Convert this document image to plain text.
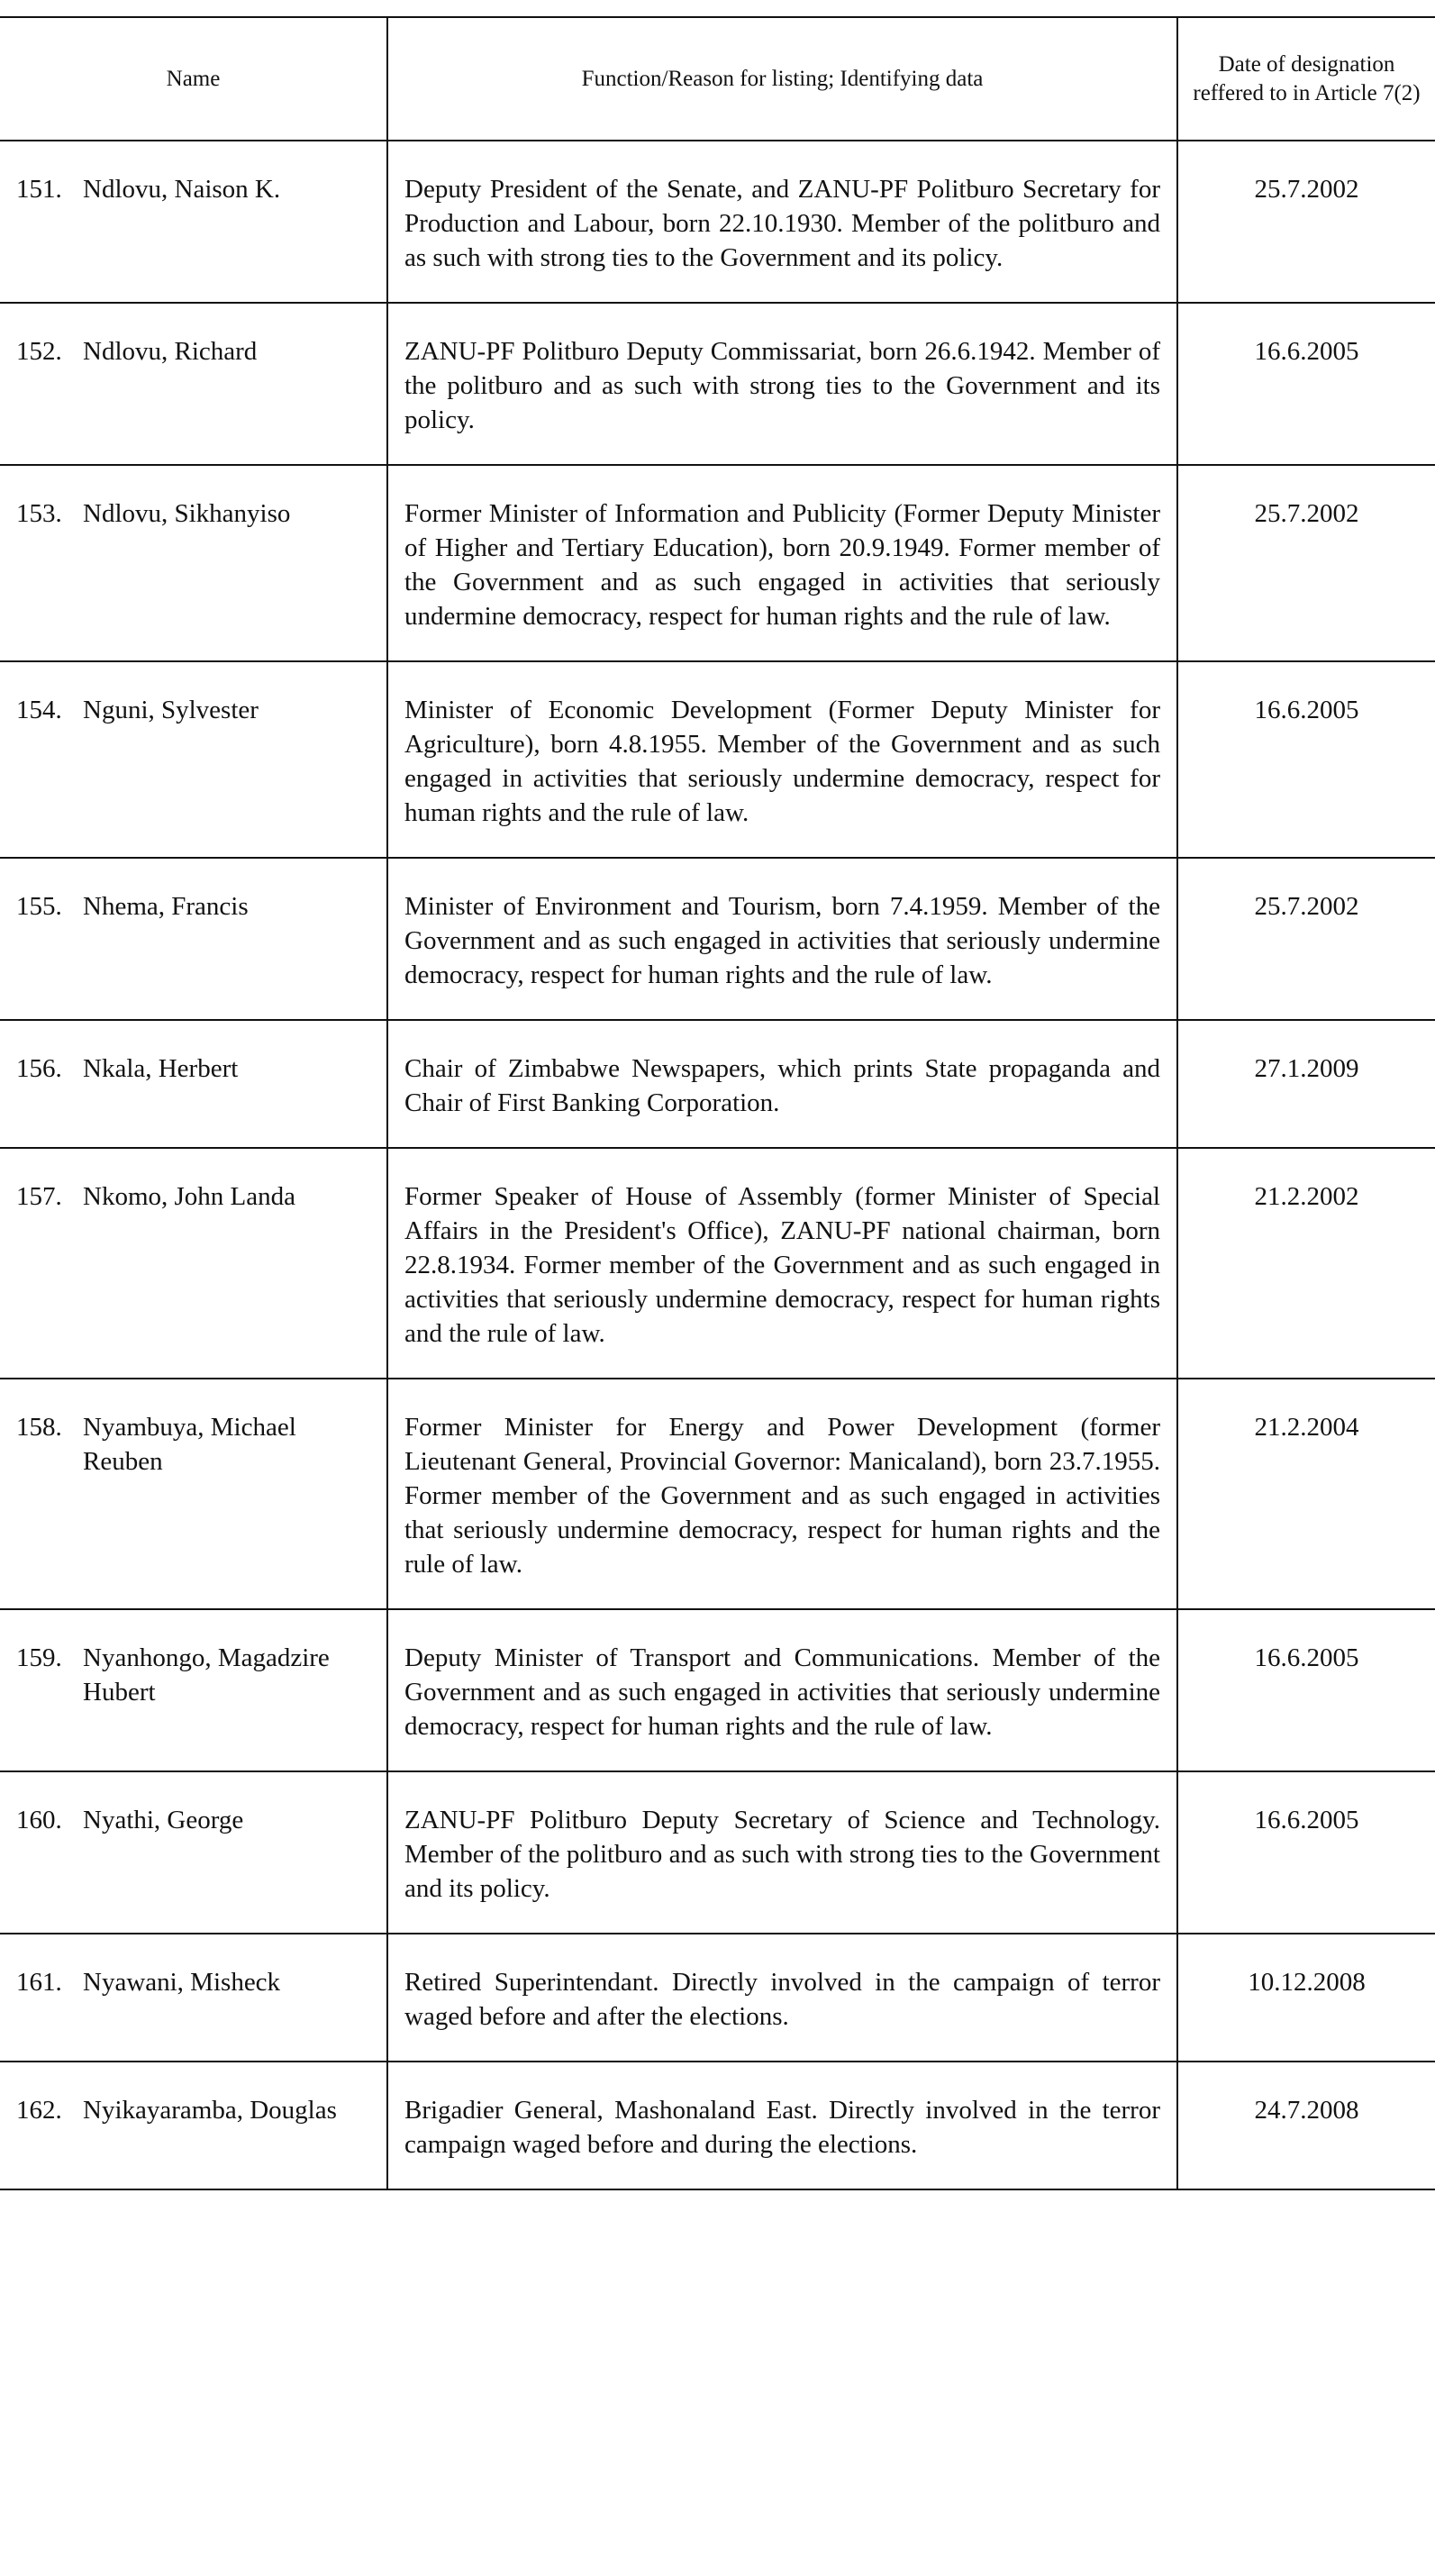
Name	Function/Reason for listing; Identifying data	Date of designation reffered to in Article 7(2)

151. Ndlovu, Naison K.	Deputy President of the Senate, and ZANU-PF Politburo Secretary for Production and Labour, born 22.10.1930. Member of the politburo and as such with strong ties to the Government and its policy.	25.7.2002

152. Ndlovu, Richard	ZANU-PF Politburo Deputy Commissariat, born 26.6.1942. Member of the politburo and as such with strong ties to the Government and its policy.	16.6.2005

153. Ndlovu, Sikhanyiso	Former Minister of Information and Publicity (Former Deputy Minister of Higher and Tertiary Education), born 20.9.1949. Former member of the Government and as such engaged in activities that seriously undermine democracy, respect for human rights and the rule of law.	25.7.2002

154. Nguni, Sylvester	Minister of Economic Development (Former Deputy Minister for Agriculture), born 4.8.1955. Member of the Government and as such engaged in activities that seriously undermine democracy, respect for human rights and the rule of law.	16.6.2005

155. Nhema, Francis	Minister of Environment and Tourism, born 7.4.1959. Member of the Government and as such engaged in activities that seriously undermine democracy, respect for human rights and the rule of law.	25.7.2002

156. Nkala, Herbert	Chair of Zimbabwe Newspapers, which prints State propaganda and Chair of First Banking Corporation.	27.1.2009

157. Nkomo, John Landa	Former Speaker of House of Assembly (former Minister of Special Affairs in the President's Office), ZANU-PF national chairman, born 22.8.1934. Former member of the Government and as such engaged in activities that seriously undermine democracy, respect for human rights and the rule of law.	21.2.2002

158. Nyambuya, Michael Reuben	Former Minister for Energy and Power Development (former Lieutenant General, Provincial Governor: Manicaland), born 23.7.1955. Former member of the Government and as such engaged in activities that seriously undermine democracy, respect for human rights and the rule of law.	21.2.2004

159. Nyanhongo, Magadzire Hubert	Deputy Minister of Transport and Communications. Member of the Government and as such engaged in activities that seriously undermine democracy, respect for human rights and the rule of law.	16.6.2005

160. Nyathi, George	ZANU-PF Politburo Deputy Secretary of Science and Technology. Member of the politburo and as such with strong ties to the Government and its policy.	16.6.2005

161. Nyawani, Misheck	Retired Superintendant. Directly involved in the campaign of terror waged before and after the elections.	10.12.2008

162. Nyikayaramba, Douglas	Brigadier General, Mashonaland East. Directly involved in the terror campaign waged before and during the elections.	24.7.2008
